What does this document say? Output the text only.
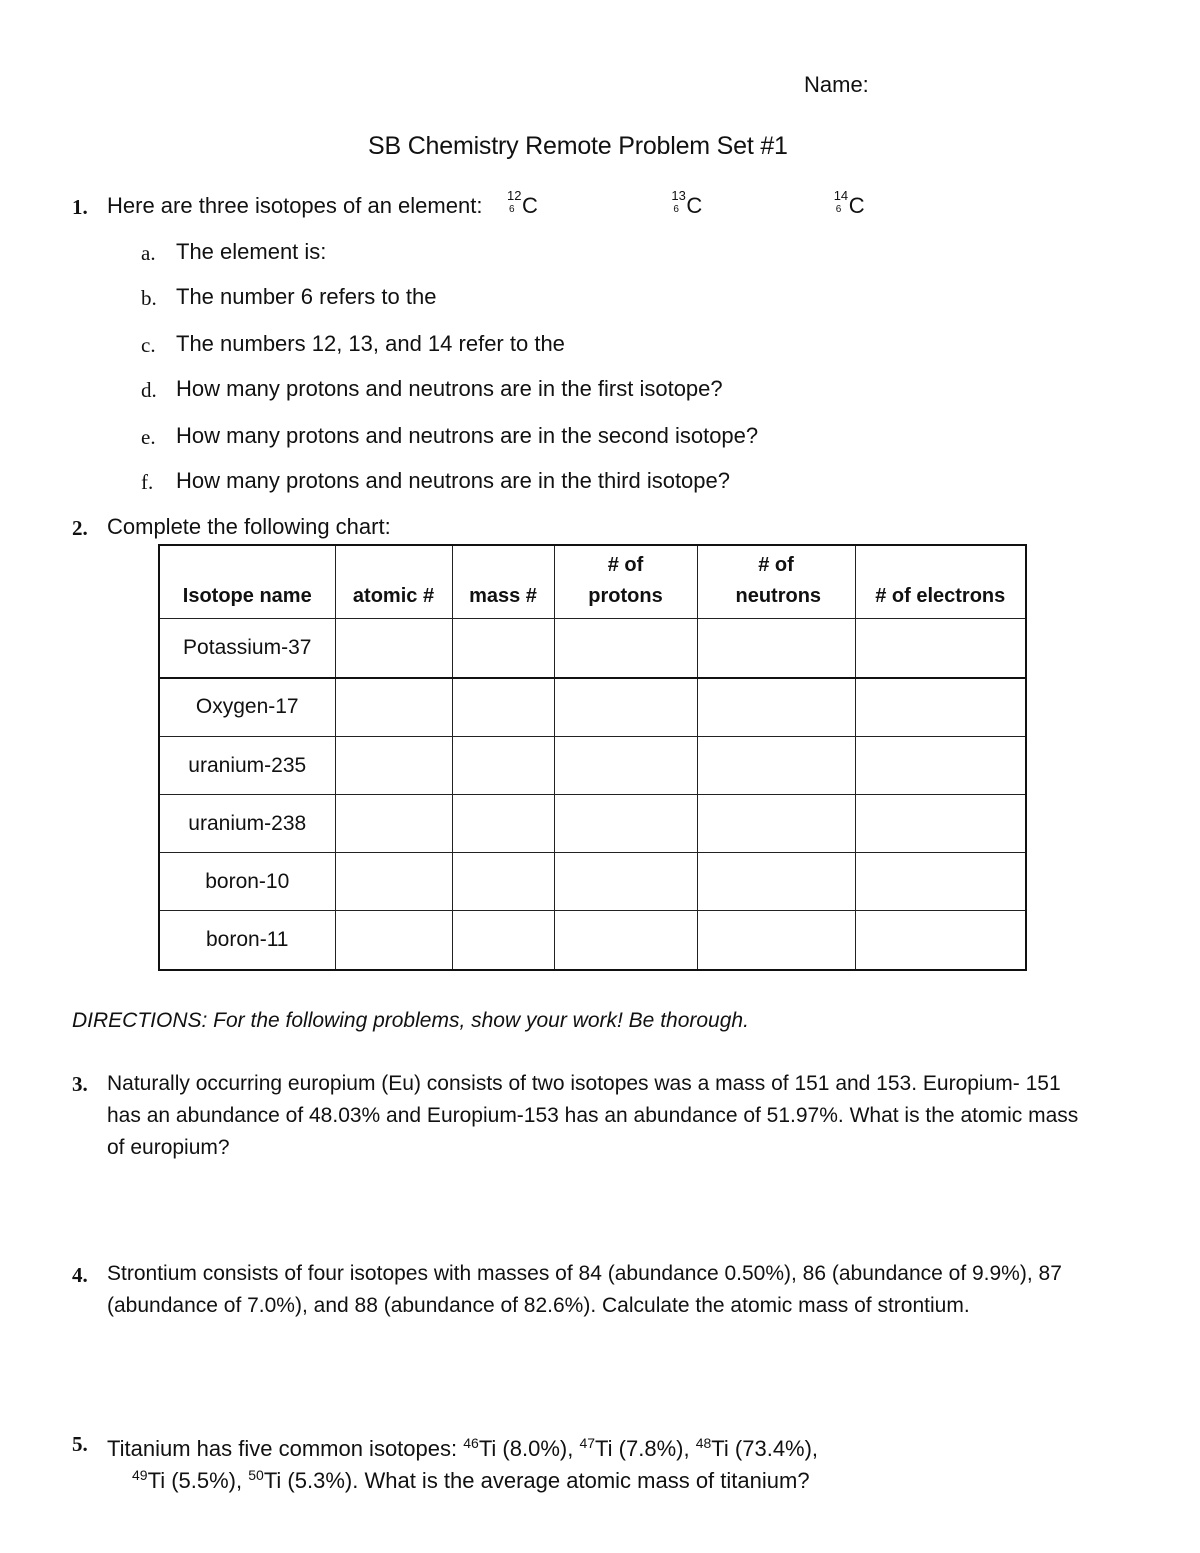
Name:
SB Chemistry Remote Problem Set #1
1. Here are three isotopes of an element: 12
6 C	13
6 C	14
6 C
a. The element is:
b. The number 6 refers to the
c. The numbers 12, 13, and 14 refer to the
d. How many protons and neutrons are in the first isotope?
e. How many protons and neutrons are in the second isotope?
f. How many protons and neutrons are in the third isotope?
2. Complete the following chart:
Isotope name	atomic #	mass #	# of protons	# of neutrons	# of electrons
Potassium-37					
Oxygen-17					
uranium-235					
uranium-238					
boron-10					
boron-11					
DIRECTIONS: For the following problems, show your work! Be thorough.
3. Naturally occurring europium (Eu) consists of two isotopes was a mass of 151 and 153. Europium- 151 has an abundance of 48.03% and Europium-153 has an abundance of 51.97%. What is the atomic mass of europium?
4. Strontium consists of four isotopes with masses of 84 (abundance 0.50%), 86 (abundance of 9.9%), 87 (abundance of 7.0%), and 88 (abundance of 82.6%). Calculate the atomic mass of strontium.
5. Titanium has five common isotopes: $^{46}$Ti (8.0%), $^{47}$Ti (7.8%), $^{48}$Ti (73.4%),
$^{49}$Ti (5.5%), $^{50}$Ti (5.3%). What is the average atomic mass of titanium?
